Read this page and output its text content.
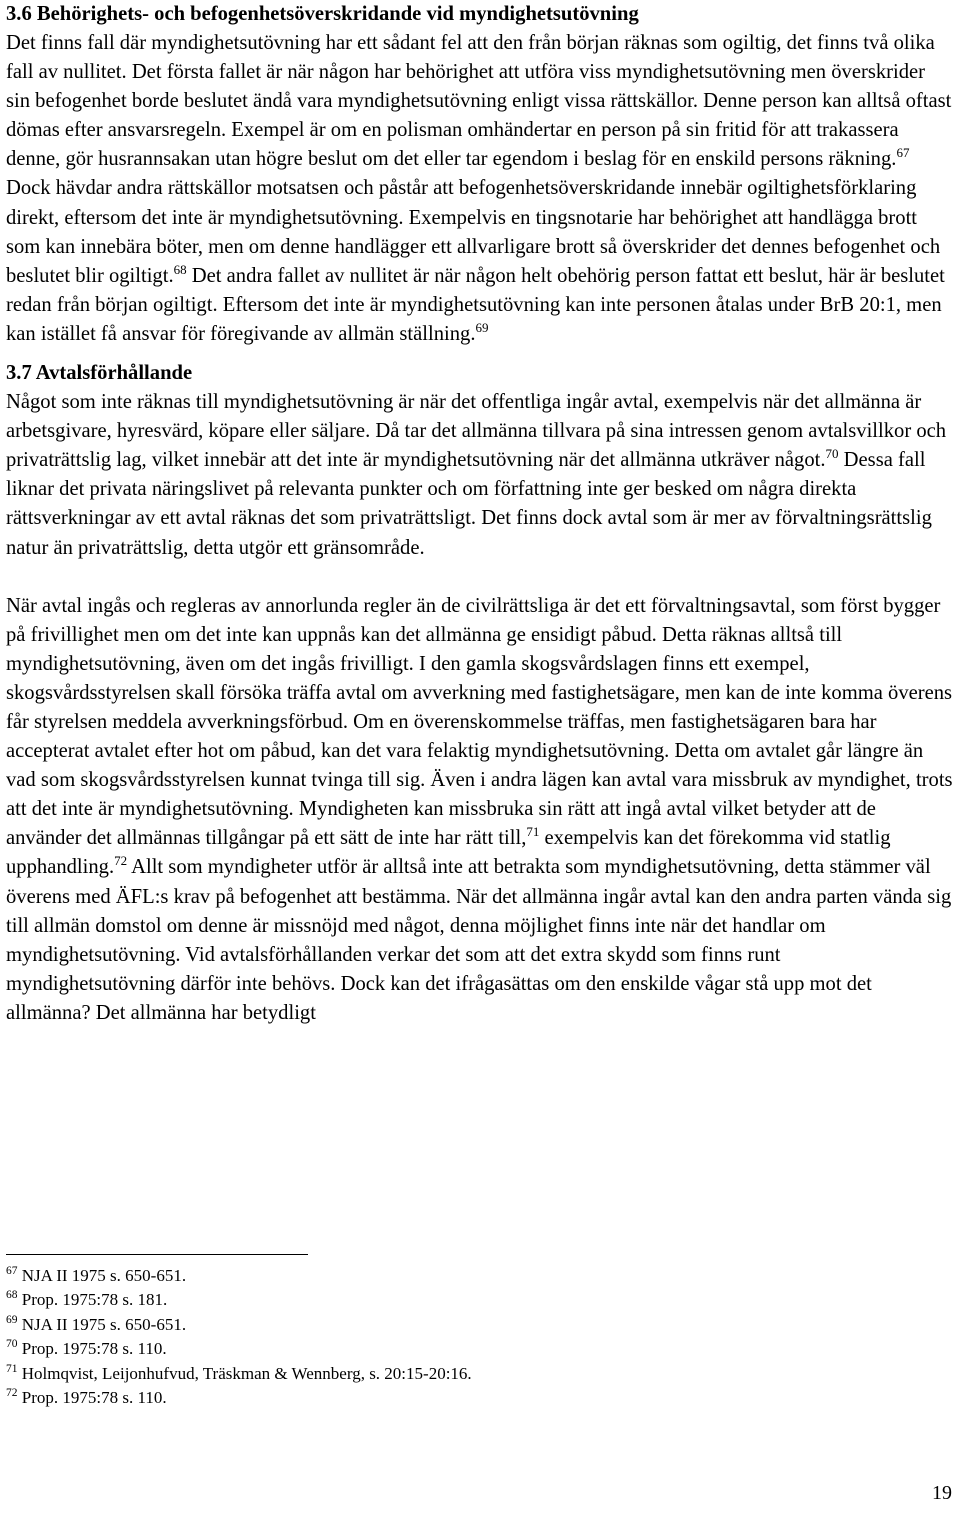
3.6 Behörighets- och befogenhetsöverskridande vid myndighetsutövning

Det finns fall där myndighetsutövning har ett sådant fel att den från början räknas som ogiltig, det finns två olika fall av nullitet. Det första fallet är när någon har behörighet att utföra viss myndighetsutövning men överskrider sin befogenhet borde beslutet ändå vara myndighetsutövning enligt vissa rättskällor. Denne person kan alltså oftast dömas efter ansvarsregeln. Exempel är om en polisman omhändertar en person på sin fritid för att trakassera denne, gör husrannsakan utan högre beslut om det eller tar egendom i beslag för en enskild persons räkning.$^{67}$ Dock hävdar andra rättskällor motsatsen och påstår att befogenhetsöverskridande innebär ogiltighetsförklaring direkt, eftersom det inte är myndighetsutövning. Exempelvis en tingsnotarie har behörighet att handlägga brott som kan innebära böter, men om denne handlägger ett allvarligare brott så överskrider det dennes befogenhet och beslutet blir ogiltigt.$^{68}$ Det andra fallet av nullitet är när någon helt obehörig person fattat ett beslut, här är beslutet redan från början ogiltigt. Eftersom det inte är myndighetsutövning kan inte personen åtalas under BrB 20:1, men kan istället få ansvar för föregivande av allmän ställning.$^{69}$

3.7 Avtalsförhållande

Något som inte räknas till myndighetsutövning är när det offentliga ingår avtal, exempelvis när det allmänna är arbetsgivare, hyresvärd, köpare eller säljare. Då tar det allmänna tillvara på sina intressen genom avtalsvillkor och privaträttslig lag, vilket innebär att det inte är myndighetsutövning när det allmänna utkräver något.$^{70}$ Dessa fall liknar det privata näringslivet på relevanta punkter och om författning inte ger besked om några direkta rättsverkningar av ett avtal räknas det som privaträttsligt. Det finns dock avtal som är mer av förvaltningsrättslig natur än privaträttslig, detta utgör ett gränsområde.

När avtal ingås och regleras av annorlunda regler än de civilrättsliga är det ett förvaltningsavtal, som först bygger på frivillighet men om det inte kan uppnås kan det allmänna ge ensidigt påbud. Detta räknas alltså till myndighetsutövning, även om det ingås frivilligt. I den gamla skogsvårdslagen finns ett exempel, skogsvårdsstyrelsen skall försöka träffa avtal om avverkning med fastighetsägare, men kan de inte komma överens får styrelsen meddela avverkningsförbud. Om en överenskommelse träffas, men fastighetsägaren bara har accepterat avtalet efter hot om påbud, kan det vara felaktig myndighetsutövning. Detta om avtalet går längre än vad som skogsvårdsstyrelsen kunnat tvinga till sig. Även i andra lägen kan avtal vara missbruk av myndighet, trots att det inte är myndighetsutövning. Myndigheten kan missbruka sin rätt att ingå avtal vilket betyder att de använder det allmännas tillgångar på ett sätt de inte har rätt till,$^{71}$ exempelvis kan det förekomma vid statlig upphandling.$^{72}$ Allt som myndigheter utför är alltså inte att betrakta som myndighetsutövning, detta stämmer väl överens med ÄFL:s krav på befogenhet att bestämma. När det allmänna ingår avtal kan den andra parten vända sig till allmän domstol om denne är missnöjd med något, denna möjlighet finns inte när det handlar om myndighetsutövning. Vid avtalsförhållanden verkar det som att det extra skydd som finns runt myndighetsutövning därför inte behövs. Dock kan det ifrågasättas om den enskilde vågar stå upp mot det allmänna? Det allmänna har betydligt

$^{67}$ NJA II 1975 s. 650-651.

$^{68}$ Prop. 1975:78 s. 181.

$^{69}$ NJA II 1975 s. 650-651.

$^{70}$ Prop. 1975:78 s. 110.

$^{71}$ Holmqvist, Leijonhufvud, Träskman & Wennberg, s. 20:15-20:16.

$^{72}$ Prop. 1975:78 s. 110.

19
